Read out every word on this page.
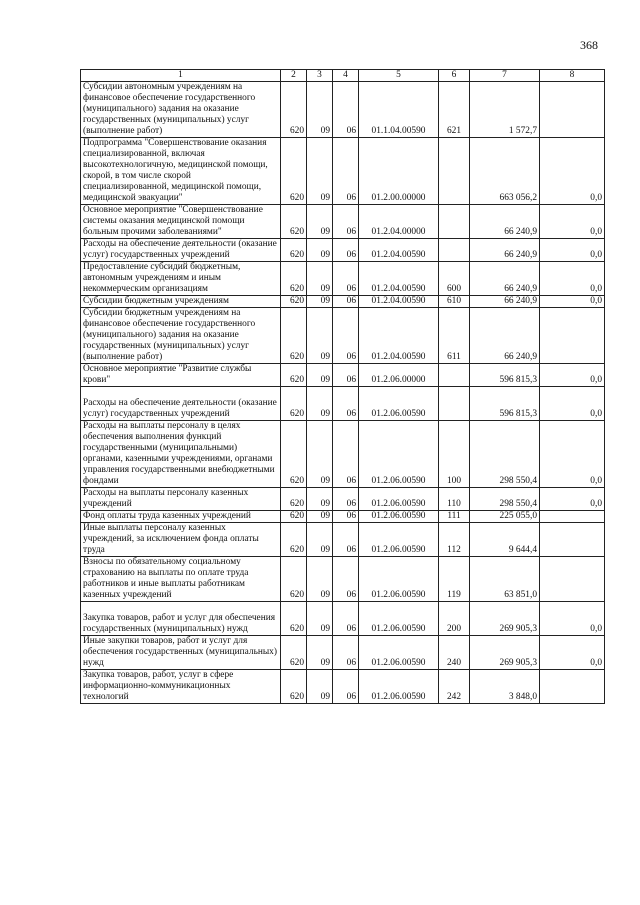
368
1	2	3	4	5	6	7	8

Субсидии автономным учреждениям на финансовое обеспечение государственного (муниципального) задания на оказание государственных (муниципальных) услуг (выполнение работ)	620	09	06	01.1.04.00590	621	1 572,7	

Подпрограмма "Совершенствование оказания специализированной, включая высокотехнологичную, медицинской помощи, скорой, в том числе скорой специализированной, медицинской помощи, медицинской эвакуации"	620	09	06	01.2.00.00000		663 056,2	0,0

Основное мероприятие "Совершенствование системы оказания медицинской помощи больным прочими заболеваниями"	620	09	06	01.2.04.00000		66 240,9	0,0

Расходы на обеспечение деятельности (оказание услуг) государственных учреждений	620	09	06	01.2.04.00590		66 240,9	0,0

Предоставление субсидий бюджетным, автономным учреждениям и иным некоммерческим организациям	620	09	06	01.2.04.00590	600	66 240,9	0,0

Субсидии бюджетным учреждениям	620	09	06	01.2.04.00590	610	66 240,9	0,0

Субсидии бюджетным учреждениям на финансовое обеспечение государственного (муниципального) задания на оказание государственных (муниципальных) услуг (выполнение работ)	620	09	06	01.2.04.00590	611	66 240,9	

Основное мероприятие "Развитие службы крови"	620	09	06	01.2.06.00000		596 815,3	0,0

Расходы на обеспечение деятельности (оказание услуг) государственных учреждений	620	09	06	01.2.06.00590		596 815,3	0,0

Расходы на выплаты персоналу в целях обеспечения выполнения функций государственными (муниципальными) органами, казенными учреждениями, органами управления государственными внебюджетными фондами	620	09	06	01.2.06.00590	100	298 550,4	0,0

Расходы на выплаты персоналу казенных учреждений	620	09	06	01.2.06.00590	110	298 550,4	0,0

Фонд оплаты труда казенных учреждений	620	09	06	01.2.06.00590	111	225 055,0	

Иные выплаты персоналу казенных учреждений, за исключением фонда оплаты труда	620	09	06	01.2.06.00590	112	9 644,4	

Взносы по обязательному социальному страхованию на выплаты по оплате труда работников и иные выплаты работникам казенных учреждений	620	09	06	01.2.06.00590	119	63 851,0	

Закупка товаров, работ и услуг для обеспечения государственных (муниципальных) нужд	620	09	06	01.2.06.00590	200	269 905,3	0,0

Иные закупки товаров, работ и услуг для обеспечения государственных (муниципальных) нужд	620	09	06	01.2.06.00590	240	269 905,3	0,0

Закупка товаров, работ, услуг в сфере информационно-коммуникационных технологий	620	09	06	01.2.06.00590	242	3 848,0	
